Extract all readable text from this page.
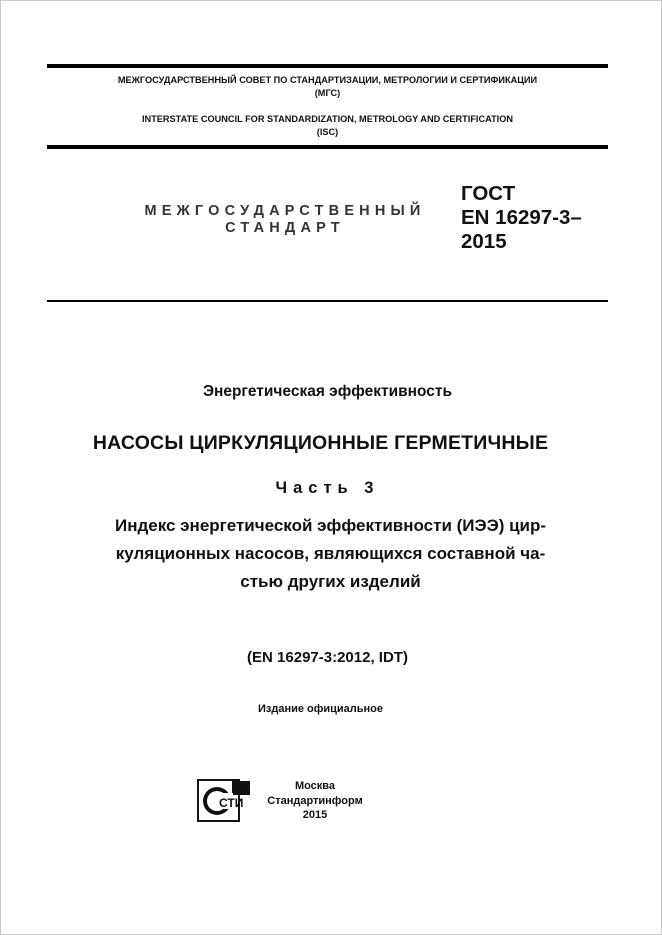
МЕЖГОСУДАРСТВЕННЫЙ СОВЕТ ПО СТАНДАРТИЗАЦИИ, МЕТРОЛОГИИ И СЕРТИФИКАЦИИ
(МГС)
INTERSTATE COUNCIL FOR STANDARDIZATION, METROLOGY AND CERTIFICATION
(ISC)
МЕЖГОСУДАРСТВЕННЫЙ
СТАНДАРТ
ГОСТ
EN 16297-3–
2015
Энергетическая эффективность
НАСОСЫ ЦИРКУЛЯЦИОННЫЕ ГЕРМЕТИЧНЫЕ
Часть 3
Индекс энергетической эффективности (ИЭЭ) цир-
куляционных насосов, являющихся составной ча-
стью других изделий
(EN 16297-3:2012, IDT)
Издание официальное
СТИ
Москва
Стандартинформ
2015
